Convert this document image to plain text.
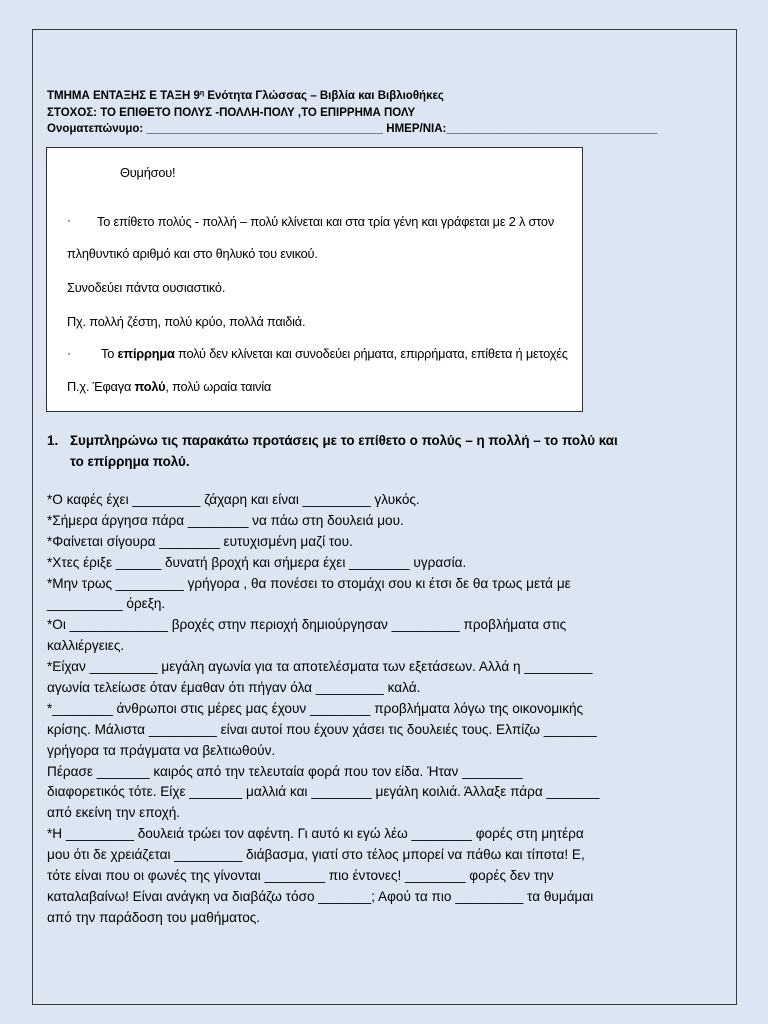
ΤΜΗΜΑ ΕΝΤΑΞΗΣ Ε ΤΑΞΗ $9^\eta$ Ενότητα Γλώσσας – Βιβλία και Βιβλιοθήκες
ΣΤΟΧΟΣ: ΤΟ ΕΠΙΘΕΤΟ ΠΟΛΥΣ -ΠΟΛΛΗ-ΠΟΛΥ ,ΤΟ ΕΠΙΡΡΗΜΑ ΠΟΛΥ
Ονοματεπώνυμο: _____________________________________ ΗΜΕΡ/ΝΙΑ:_________________________________
Θυμήσου!
· Το επίθετο πολύς - πολλή – πολύ κλίνεται και στα τρία γένη και γράφεται με 2 λ στον
πληθυντικό αριθμό και στο θηλυκό του ενικού.
Συνοδεύει πάντα ουσιαστικό.
Πχ. πολλή ζέστη, πολύ κρύο, πολλά παιδιά.
· Το επίρρημα πολύ δεν κλίνεται και συνοδεύει ρήματα, επιρρήματα, επίθετα ή μετοχές
Π.χ. Έφαγα πολύ, πολύ ωραία ταινία
1. Συμπληρώνω τις παρακάτω προτάσεις με το επίθετο ο πολύς – η πολλή – το πολύ και
το επίρρημα πολύ.
*Ο καφές έχει _________ ζάχαρη και είναι _________ γλυκός.
*Σήμερα άργησα πάρα ________ να πάω στη δουλειά μου.
*Φαίνεται σίγουρα ________ ευτυχισμένη μαζί του.
*Χτες έριξε ______ δυνατή βροχή και σήμερα έχει ________ υγρασία.
*Μην τρως _________ γρήγορα , θα πονέσει το στομάχι σου κι έτσι δε θα τρως μετά με
__________ όρεξη.
*Οι _____________ βροχές στην περιοχή δημιούργησαν _________ προβλήματα στις
καλλιέργειες.
*Είχαν _________ μεγάλη αγωνία για τα αποτελέσματα των εξετάσεων. Αλλά η _________
αγωνία τελείωσε όταν έμαθαν ότι πήγαν όλα _________ καλά.
*________ άνθρωποι στις μέρες μας έχουν ________ προβλήματα λόγω της οικονομικής
κρίσης. Μάλιστα _________ είναι αυτοί που έχουν χάσει τις δουλειές τους. Ελπίζω _______
γρήγορα τα πράγματα να βελτιωθούν.
Πέρασε _______ καιρός από την τελευταία φορά που τον είδα. Ήταν ________
διαφορετικός τότε. Είχε _______ μαλλιά και ________ μεγάλη κοιλιά. Άλλαξε πάρα _______
από εκείνη την εποχή.
*Η _________ δουλειά τρώει τον αφέντη. Γι αυτό κι εγώ λέω ________ φορές στη μητέρα
μου ότι δε χρειάζεται _________ διάβασμα, γιατί στο τέλος μπορεί να πάθω και τίποτα! Ε,
τότε είναι που οι φωνές της γίνονται ________ πιο έντονες! ________ φορές δεν την
καταλαβαίνω! Είναι ανάγκη να διαβάζω τόσο _______; Αφού τα πιο _________ τα θυμάμαι
από την παράδοση του μαθήματος.
